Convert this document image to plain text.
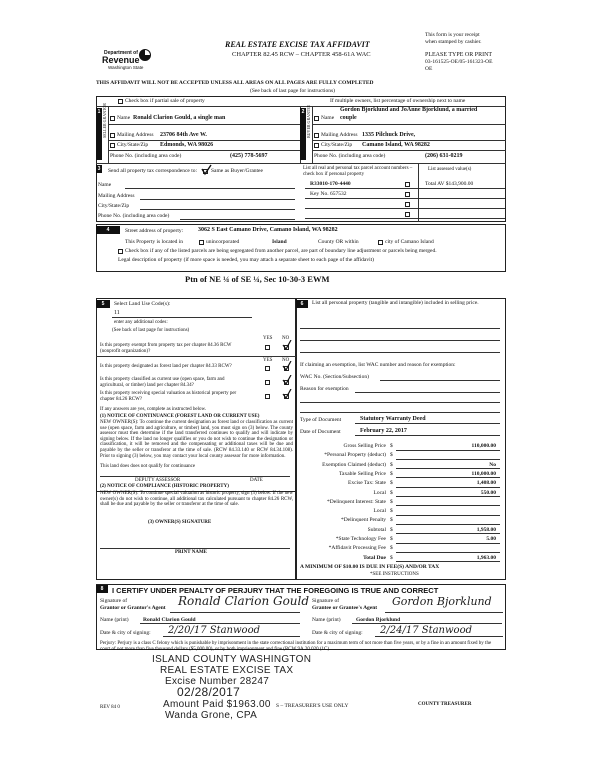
Department of
Revenue
Washington State
REAL ESTATE EXCISE TAX AFFIDAVIT
CHAPTER 82.45 RCW – CHAPTER 458-61A WAC
This form is your receipt
when stamped by cashier.
PLEASE TYPE OR PRINT
03-161525-OE/05-161323-OE
OE
THIS AFFIDAVIT WILL NOT BE ACCEPTED UNLESS ALL AREAS ON ALL PAGES ARE FULLY COMPLETED
(See back of last page for instructions)
Check box if partial sale of property	If multiple owners, list percentage of ownership next to name
1 SELLER GRANTOR Name Ronald Clarion Gould, a single man
Mailing Address 23706 84th Ave W.
City/State/Zip Edmonds, WA 98026
Phone No. (including area code)	(425) 778-5697
2 BUYER GRANTEE	Gordon Bjorklund and JoAnne Bjorklund, a married
Name couple
Mailing Address 1335 Pilchuck Drive,
City/State/Zip Camano Island, WA 98282
Phone No. (including area code)	(206) 631-0219
3 Send all property tax correspondence to:	Same as Buyer/Grantee
Name
Mailing Address
City/State/Zip
Phone No. (including area code)
List all real and personal tax parcel account numbers – check box if personal property
List assessed value(s)
R33010-170-4440	Total AV $143,900.00
Key No. 657532
4	Street address of property: 3062 S East Camano Drive, Camano Island, WA 98282
This Property is located in	unincorporated	Island	County OR within	city of Camano Island
Check box if any of the listed parcels are being segregated from another parcel, are part of boundary line adjustment or parcels being merged.
Legal description of property (if more space is needed, you may attach a separate sheet to each page of the affidavit)
Ptn of NE ¼ of SE ¼, Sec 10-30-3 EWM
5	Select Land Use Code(s):
11
enter any additional codes:
(See back of last page for instructions)
YES NO
Is this property exempt from property tax per chapter 84.36 RCW (nonprofit organization)?
YES NO
Is this property designated as forest land per chapter 84.33 RCW?
Is this property classified as current use (open space, farm and agricultural, or timber) land per chapter 84.34?
Is this property receiving special valuation as historical property per chapter 84.26 RCW?
If any answers are yes, complete as instructed below.
(1) NOTICE OF CONTINUANCE (FOREST LAND OR CURRENT USE)
NEW OWNER(S): To continue the current designation as forest land or classification as current use (open space, farm and agriculture, or timber) land, you must sign on (3) below. The county assessor must then determine if the land transferred continues to qualify and will indicate by signing below. If the land no longer qualifies or you do not wish to continue the designation or classification, it will be removed and the compensating or additional taxes will be due and payable by the seller or transferor at the time of sale. (RCW 84.33.140 or RCW 84.34.108). Prior to signing (3) below, you may contact your local county assessor for more information.
This land does does not qualify for continuance
DEPUTY ASSESSOR	DATE
(2) NOTICE OF COMPLIANCE (HISTORIC PROPERTY)
NEW OWNER(S): To continue special valuation as historic property, sign (3) below. If the new owner(s) do not wish to continue, all additional tax calculated pursuant to chapter 84.26 RCW, shall be due and payable by the seller or transferor at the time of sale.
(3) OWNER(S) SIGNATURE
PRINT NAME
6	List all personal property (tangible and intangible) included in selling price.
If claiming an exemption, list WAC number and reason for exemption:
WAC No. (Section/Subsection)
Reason for exemption
Type of Document	Statutory Warranty Deed
Date of Document	February 22, 2017
Gross Selling Price $	110,000.00
*Personal Property (deduct) $
Exemption Claimed (deduct) $	No
Taxable Selling Price $	110,000.00
Excise Tax: State $	1,408.00
Local $	550.00
*Delinquent Interest: State $
Local $
*Delinquent Penalty $
Subtotal $	1,958.00
*State Technology Fee $	5.00
*Affidavit Processing Fee $
Total Due $	1,963.00
A MINIMUM OF $10.00 IS DUE IN FEE(S) AND/OR TAX
*SEE INSTRUCTIONS
8	I CERTIFY UNDER PENALTY OF PERJURY THAT THE FOREGOING IS TRUE AND CORRECT
Signature of
Grantor or Grantor's Agent Ronald Clarion Gould Signature of
Grantee or Grantee's Agent Gordon Bjorklund
Name (print)	Ronald Clarion Gould	Name (print)	Gordon Bjorklund
Date & city of signing: 2/20/17 Stanwood	Date & city of signing: 2/24/17 Stanwood
Perjury: Perjury is a class C felony which is punishable by imprisonment in the state correctional institution for a maximum term of not more than five years, or by a fine in an amount fixed by the court of not more than five thousand dollars ($5,000.00), or by both imprisonment and fine (RCW 9A.20.020 (1C).
ISLAND COUNTY WASHINGTON
REAL ESTATE EXCISE TAX
Excise Number 28247
02/28/2017
Amount Paid $1963.00
Wanda Grone, CPA
REV 84 0	S – TREASURER'S USE ONLY	COUNTY TREASURER
